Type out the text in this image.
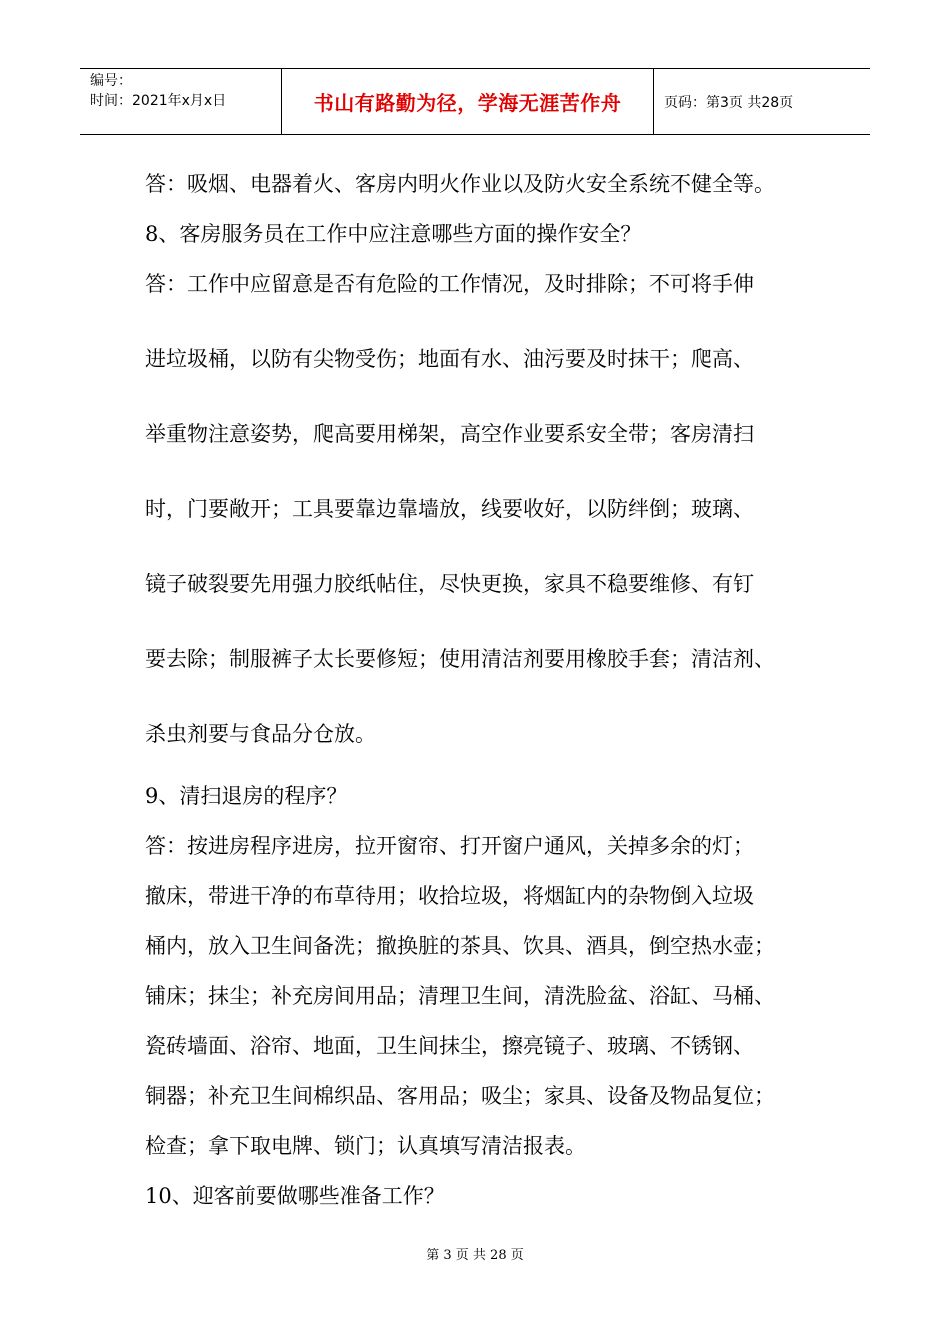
编号：
时间：2021年x月x日	书山有路勤为径，学海无涯苦作舟	页码：第3页 共28页
答：吸烟、电器着火、客房内明火作业以及防火安全系统不健全等。
8、客房服务员在工作中应注意哪些方面的操作安全？
答：工作中应留意是否有危险的工作情况，及时排除；不可将手伸
进垃圾桶，以防有尖物受伤；地面有水、油污要及时抹干；爬高、
举重物注意姿势，爬高要用梯架，高空作业要系安全带；客房清扫
时，门要敞开；工具要靠边靠墙放，线要收好，以防绊倒；玻璃、
镜子破裂要先用强力胶纸帖住，尽快更换，家具不稳要维修、有钉
要去除；制服裤子太长要修短；使用清洁剂要用橡胶手套；清洁剂、
杀虫剂要与食品分仓放。
9、清扫退房的程序？
答：按进房程序进房，拉开窗帘、打开窗户通风，关掉多余的灯；
撤床，带进干净的布草待用；收拾垃圾，将烟缸内的杂物倒入垃圾
桶内，放入卫生间备洗；撤换脏的茶具、饮具、酒具，倒空热水壶；
铺床；抹尘；补充房间用品；清理卫生间，清洗脸盆、浴缸、马桶、
瓷砖墙面、浴帘、地面，卫生间抹尘，擦亮镜子、玻璃、不锈钢、
铜器；补充卫生间棉织品、客用品；吸尘；家具、设备及物品复位；
检查；拿下取电牌、锁门；认真填写清洁报表。
10、迎客前要做哪些准备工作？
第 3 页 共 28 页
